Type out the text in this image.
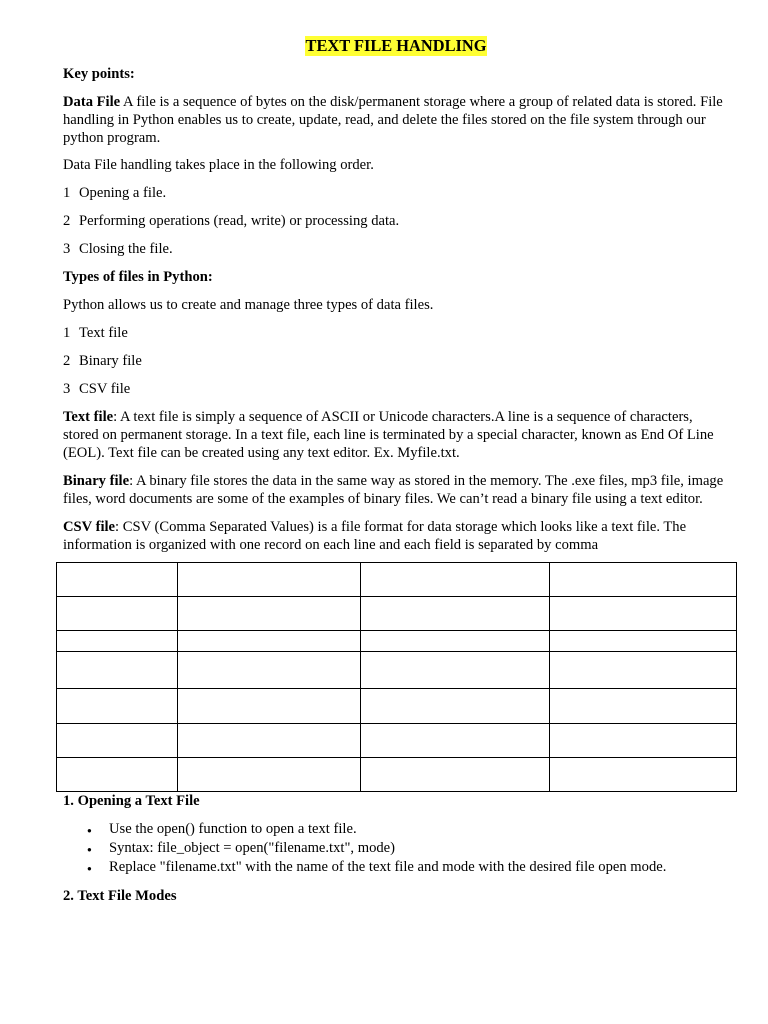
TEXT FILE HANDLING

Key points:

Data File A file is a sequence of bytes on the disk/permanent storage where a group of related data is stored. File handling in Python enables us to create, update, read, and delete the files stored on the file system through our python program.

Data File handling takes place in the following order.

1 Opening a file.
2 Performing operations (read, write) or processing data.
3 Closing the file.

Types of files in Python:

Python allows us to create and manage three types of data files.

1 Text file
2 Binary file
3 CSV file

Text file: A text file is simply a sequence of ASCII or Unicode characters.A line is a sequence of characters, stored on permanent storage. In a text file, each line is terminated by a special character, known as End Of Line (EOL). Text file can be created using any text editor. Ex. Myfile.txt.

Binary file: A binary file stores the data in the same way as stored in the memory. The .exe files, mp3 file, image files, word documents are some of the examples of binary files. We can’t read a binary file using a text editor.

CSV file: CSV (Comma Separated Values) is a file format for data storage which looks like a text file. The information is organized with one record on each line and each field is separated by comma

1. Opening a Text File

● Use the open() function to open a text file.
● Syntax: file_object = open("filename.txt", mode)
● Replace "filename.txt" with the name of the text file and mode with the desired file open mode.

2. Text File Modes
